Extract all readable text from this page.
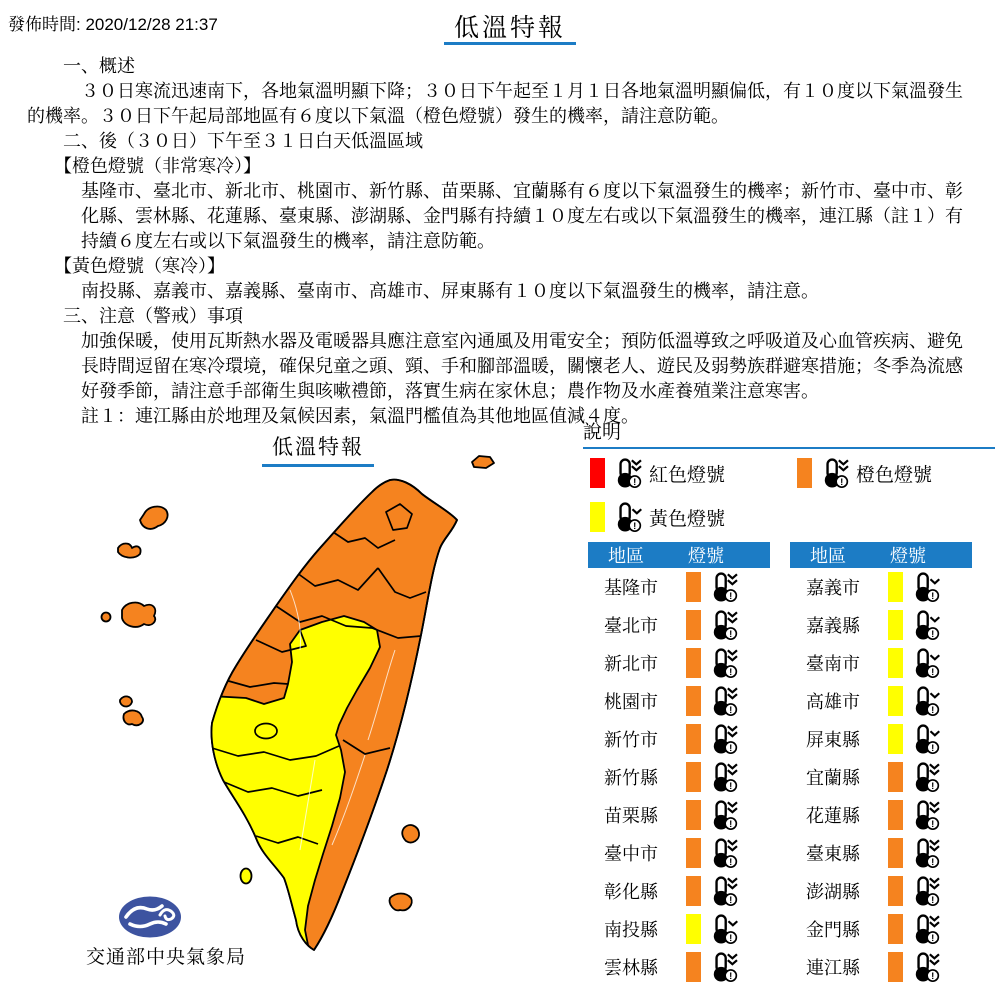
發佈時間: 2020/12/28 21:37	低溫特報
　　一、概述
　　　３０日寒流迅速南下，各地氣溫明顯下降；３０日下午起至１月１日各地氣溫明顯偏低，有１０度以下氣溫發生
的機率。３０日下午起局部地區有６度以下氣溫（橙色燈號）發生的機率，請注意防範。
　　二、後（３０日）下午至３１日白天低溫區域
　　【橙色燈號（非常寒冷）】
　　　基隆市、臺北市、新北市、桃園市、新竹縣、苗栗縣、宜蘭縣有６度以下氣溫發生的機率；新竹市、臺中市、彰
　　　化縣、雲林縣、花蓮縣、臺東縣、澎湖縣、金門縣有持續１０度左右或以下氣溫發生的機率，連江縣（註１）有
　　　持續６度左右或以下氣溫發生的機率，請注意防範。
　　【黃色燈號（寒冷）】
　　　南投縣、嘉義市、嘉義縣、臺南市、高雄市、屏東縣有１０度以下氣溫發生的機率，請注意。
　　三、注意（警戒）事項
　　　加強保暖，使用瓦斯熱水器及電暖器具應注意室內通風及用電安全；預防低溫導致之呼吸道及心血管疾病、避免
　　　長時間逗留在寒冷環境，確保兒童之頭、頸、手和腳部溫暖，關懷老人、遊民及弱勢族群避寒措施；冬季為流感
　　　好發季節，請注意手部衛生與咳嗽禮節，落實生病在家休息；農作物及水產養殖業注意寒害。
　　　註１：連江縣由於地理及氣候因素，氣溫門檻值為其他地區值減４度。
低溫特報
交通部中央氣象局
說明
! 紅色燈號	! 橙色燈號
! 黃色燈號
地區	燈號
基隆市	!
臺北市	!
新北市	!
桃園市	!
新竹市	!
新竹縣	!
苗栗縣	!
臺中市	!
彰化縣	!
南投縣	!
雲林縣	!
地區	燈號
嘉義市	!
嘉義縣	!
臺南市	!
高雄市	!
屏東縣	!
宜蘭縣	!
花蓮縣	!
臺東縣	!
澎湖縣	!
金門縣	!
連江縣	!
